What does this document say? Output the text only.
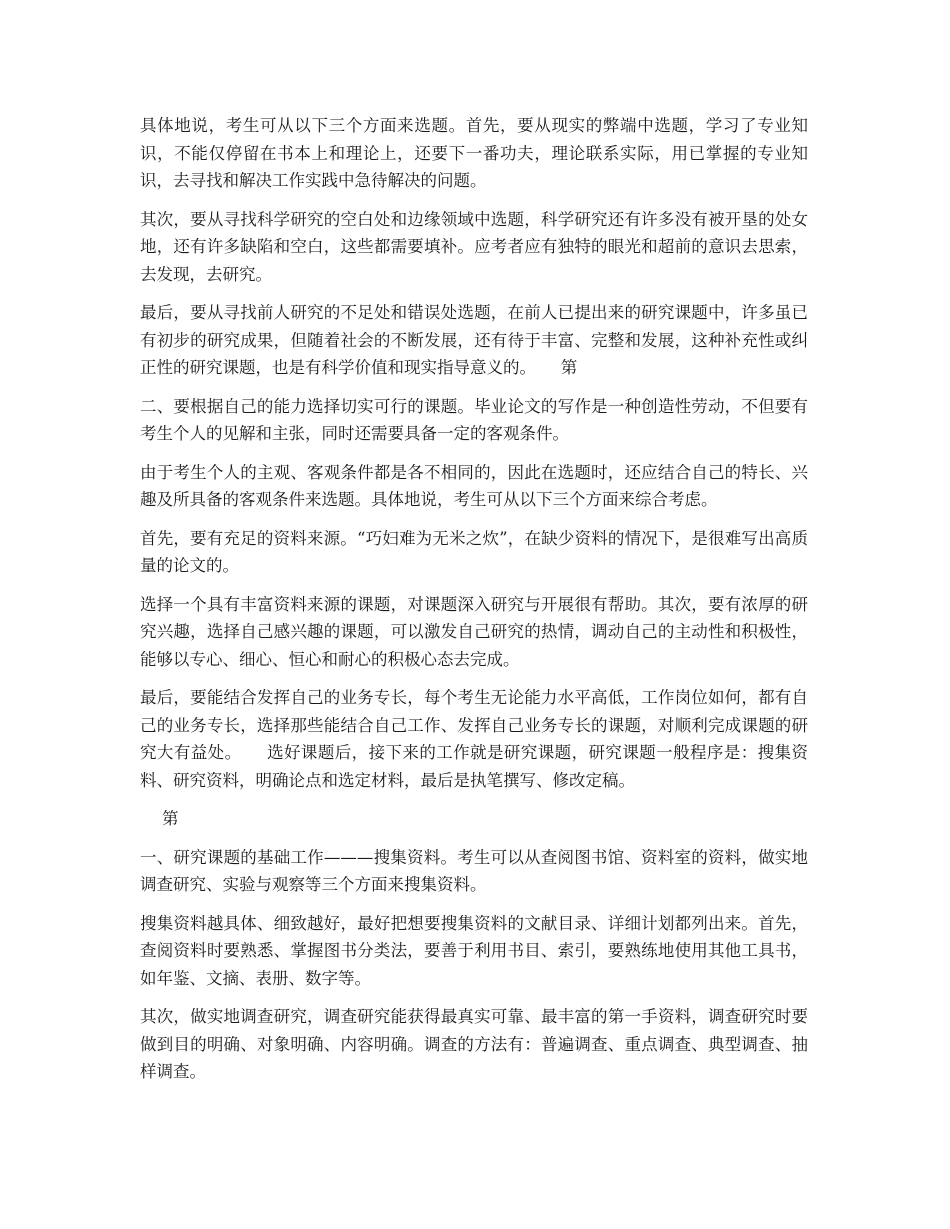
具体地说，考生可从以下三个方面来选题。首先，要从现实的弊端中选题，学习了专业知识，不能仅停留在书本上和理论上，还要下一番功夫，理论联系实际，用已掌握的专业知识，去寻找和解决工作实践中急待解决的问题。

其次，要从寻找科学研究的空白处和边缘领域中选题，科学研究还有许多没有被开垦的处女地，还有许多缺陷和空白，这些都需要填补。应考者应有独特的眼光和超前的意识去思索，去发现，去研究。

最后，要从寻找前人研究的不足处和错误处选题，在前人已提出来的研究课题中，许多虽已有初步的研究成果，但随着社会的不断发展，还有待于丰富、完整和发展，这种补充性或纠正性的研究课题，也是有科学价值和现实指导意义的。　　第

二、要根据自己的能力选择切实可行的课题。毕业论文的写作是一种创造性劳动，不但要有考生个人的见解和主张，同时还需要具备一定的客观条件。

由于考生个人的主观、客观条件都是各不相同的，因此在选题时，还应结合自己的特长、兴趣及所具备的客观条件来选题。具体地说，考生可从以下三个方面来综合考虑。

首先，要有充足的资料来源。“巧妇难为无米之炊”，在缺少资料的情况下，是很难写出高质量的论文的。

选择一个具有丰富资料来源的课题，对课题深入研究与开展很有帮助。其次，要有浓厚的研究兴趣，选择自己感兴趣的课题，可以激发自己研究的热情，调动自己的主动性和积极性，能够以专心、细心、恒心和耐心的积极心态去完成。

最后，要能结合发挥自己的业务专长，每个考生无论能力水平高低，工作岗位如何，都有自己的业务专长，选择那些能结合自己工作、发挥自己业务专长的课题，对顺利完成课题的研究大有益处。　　选好课题后，接下来的工作就是研究课题，研究课题一般程序是：搜集资料、研究资料，明确论点和选定材料，最后是执笔撰写、修改定稿。

第

一、研究课题的基础工作———搜集资料。考生可以从查阅图书馆、资料室的资料，做实地调查研究、实验与观察等三个方面来搜集资料。

搜集资料越具体、细致越好，最好把想要搜集资料的文献目录、详细计划都列出来。首先，查阅资料时要熟悉、掌握图书分类法，要善于利用书目、索引，要熟练地使用其他工具书，如年鉴、文摘、表册、数字等。

其次，做实地调查研究，调查研究能获得最真实可靠、最丰富的第一手资料，调查研究时要做到目的明确、对象明确、内容明确。调查的方法有：普遍调查、重点调查、典型调查、抽样调查。
